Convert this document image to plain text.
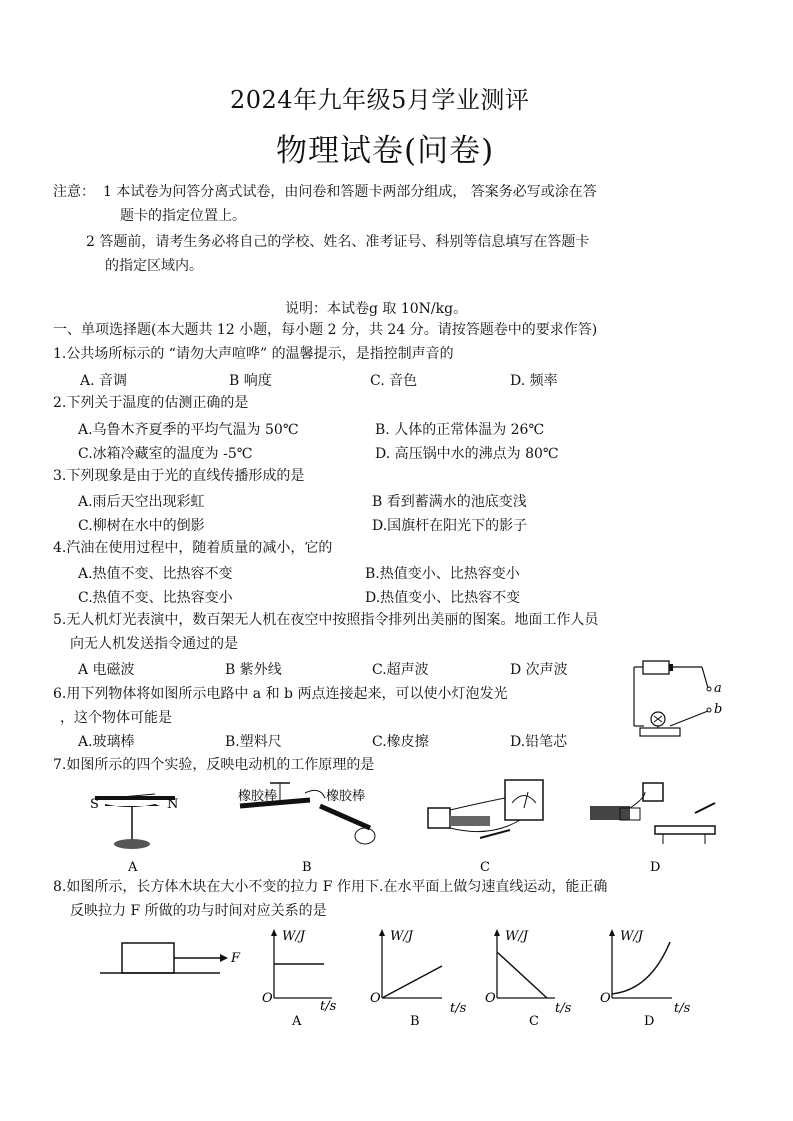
2024年九年级5月学业测评
物理试卷(问卷)
注意： 1 本试卷为问答分离式试卷，由问卷和答题卡两部分组成， 答案务必写或涂在答
题卡的指定位置上。
2 答题前，请考生务必将自己的学校、姓名、准考证号、科别等信息填写在答题卡
的指定区域内。
说明：本试卷g 取 10N/kg。
一、单项选择题(本大题共 12 小题，每小题 2 分，共 24 分。请按答题卷中的要求作答)
1.公共场所标示的 “请勿大声喧哗” 的温馨提示，是指控制声音的
A. 音调	B 响度	C. 音色	D. 频率
2.下列关于温度的估测正确的是
A.乌鲁木齐夏季的平均气温为 50℃	B. 人体的正常体温为 26℃
C.冰箱冷藏室的温度为 -5℃	D. 高压锅中水的沸点为 80℃
3.下列现象是由于光的直线传播形成的是
A.雨后天空出现彩虹	B 看到蓄满水的池底变浅
C.柳树在水中的倒影	D.国旗杆在阳光下的影子
4.汽油在使用过程中，随着质量的减小，它的
A.热值不变、比热容不变	B.热值变小、比热容变小
C.热值不变、比热容变小	D.热值变小、比热容不变
5.无人机灯光表演中，数百架无人机在夜空中按照指令排列出美丽的图案。地面工作人员
向无人机发送指令通过的是
A 电磁波	B 紫外线	C.超声波	D 次声波
a
b
6.用下列物体将如图所示电路中 a 和 b 两点连接起来，可以使小灯泡发光
，这个物体可能是
A.玻璃棒	B.塑料尺	C.橡皮擦	D.铅笔芯
7.如图所示的四个实验，反映电动机的工作原理的是
S	N
A
橡胶棒	橡胶棒
B	C	D
8.如图所示，长方体木块在大小不变的拉力 F 作用下.在水平面上做匀速直线运动，能正确
反映拉力 F 所做的功与时间对应关系的是
F
W/J
O
t/s
A
W/J
O
t/s
B
W/J
O
t/s
C
W/J
O
t/s
D
